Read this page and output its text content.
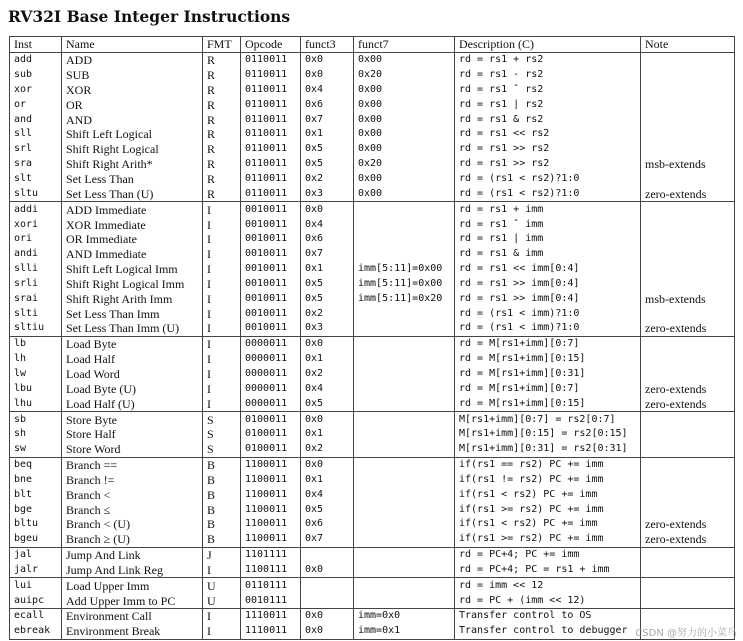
RV32I Base Integer Instructions
Inst	Name	FMT	Opcode	funct3	funct7	Description (C)	Note
add	ADD	R	0110011	0x0	0x00	rd = rs1 + rs2	
sub	SUB	R	0110011	0x0	0x20	rd = rs1 - rs2	
xor	XOR	R	0110011	0x4	0x00	rd = rs1 ˆ rs2	
or	OR	R	0110011	0x6	0x00	rd = rs1 | rs2	
and	AND	R	0110011	0x7	0x00	rd = rs1 & rs2	
sll	Shift Left Logical	R	0110011	0x1	0x00	rd = rs1 << rs2	
srl	Shift Right Logical	R	0110011	0x5	0x00	rd = rs1 >> rs2	
sra	Shift Right Arith*	R	0110011	0x5	0x20	rd = rs1 >> rs2	msb-extends
slt	Set Less Than	R	0110011	0x2	0x00	rd = (rs1 < rs2)?1:0	
sltu	Set Less Than (U)	R	0110011	0x3	0x00	rd = (rs1 < rs2)?1:0	zero-extends
addi	ADD Immediate	I	0010011	0x0		rd = rs1 + imm	
xori	XOR Immediate	I	0010011	0x4		rd = rs1 ˆ imm	
ori	OR Immediate	I	0010011	0x6		rd = rs1 | imm	
andi	AND Immediate	I	0010011	0x7		rd = rs1 & imm	
slli	Shift Left Logical Imm	I	0010011	0x1	imm[5:11]=0x00	rd = rs1 << imm[0:4]	
srli	Shift Right Logical Imm	I	0010011	0x5	imm[5:11]=0x00	rd = rs1 >> imm[0:4]	
srai	Shift Right Arith Imm	I	0010011	0x5	imm[5:11]=0x20	rd = rs1 >> imm[0:4]	msb-extends
slti	Set Less Than Imm	I	0010011	0x2		rd = (rs1 < imm)?1:0	
sltiu	Set Less Than Imm (U)	I	0010011	0x3		rd = (rs1 < imm)?1:0	zero-extends
lb	Load Byte	I	0000011	0x0		rd = M[rs1+imm][0:7]	
lh	Load Half	I	0000011	0x1		rd = M[rs1+imm][0:15]	
lw	Load Word	I	0000011	0x2		rd = M[rs1+imm][0:31]	
lbu	Load Byte (U)	I	0000011	0x4		rd = M[rs1+imm][0:7]	zero-extends
lhu	Load Half (U)	I	0000011	0x5		rd = M[rs1+imm][0:15]	zero-extends
sb	Store Byte	S	0100011	0x0		M[rs1+imm][0:7] = rs2[0:7]	
sh	Store Half	S	0100011	0x1		M[rs1+imm][0:15] = rs2[0:15]	
sw	Store Word	S	0100011	0x2		M[rs1+imm][0:31] = rs2[0:31]	
beq	Branch ==	B	1100011	0x0		if(rs1 == rs2) PC += imm	
bne	Branch !=	B	1100011	0x1		if(rs1 != rs2) PC += imm	
blt	Branch <	B	1100011	0x4		if(rs1 < rs2) PC += imm	
bge	Branch ≤	B	1100011	0x5		if(rs1 >= rs2) PC += imm	
bltu	Branch < (U)	B	1100011	0x6		if(rs1 < rs2) PC += imm	zero-extends
bgeu	Branch ≥ (U)	B	1100011	0x7		if(rs1 >= rs2) PC += imm	zero-extends
jal	Jump And Link	J	1101111			rd = PC+4; PC += imm	
jalr	Jump And Link Reg	I	1100111	0x0		rd = PC+4; PC = rs1 + imm	
lui	Load Upper Imm	U	0110111			rd = imm << 12	
auipc	Add Upper Imm to PC	U	0010111			rd = PC + (imm << 12)	
ecall	Environment Call	I	1110011	0x0	imm=0x0	Transfer control to OS	
ebreak	Environment Break	I	1110011	0x0	imm=0x1	Transfer control to debugger	CSDN @努力的小菜鸟
